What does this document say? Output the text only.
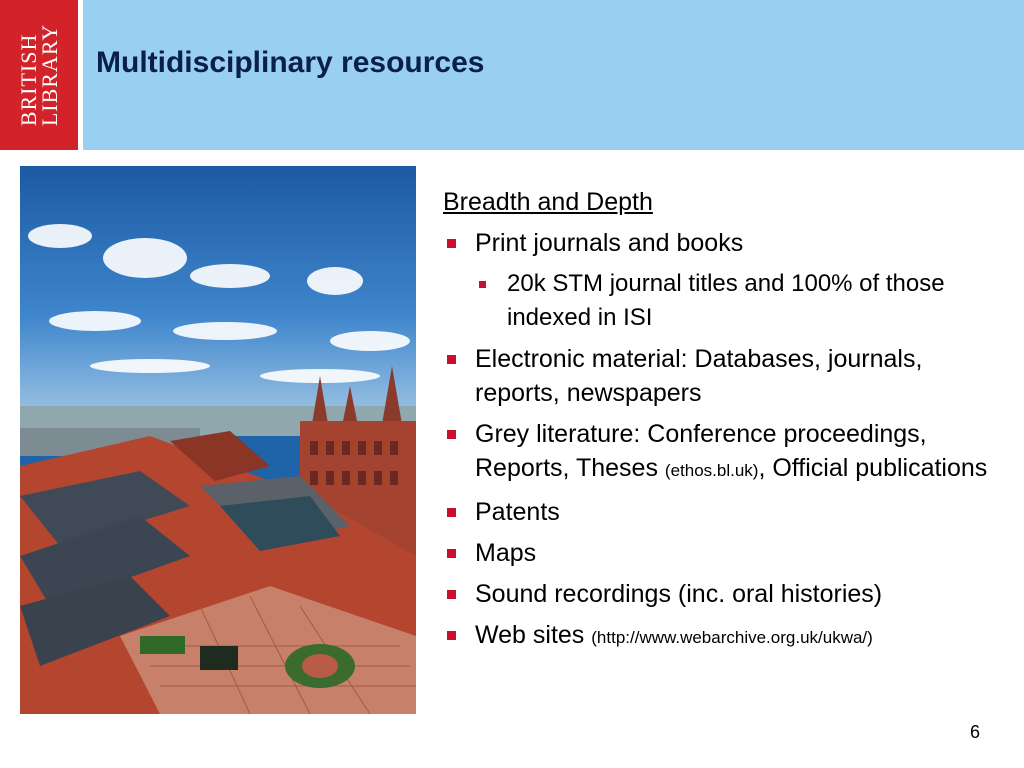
BRITISH
LIBRARY Multidisciplinary resources
Breadth and Depth
Print journals and books
20k STM journal titles and 100% of those indexed in ISI
Electronic material: Databases, journals, reports, newspapers
Grey literature: Conference proceedings, Reports, Theses (ethos.bl.uk), Official publications
Patents
Maps
Sound recordings (inc. oral histories)
Web sites (http://www.webarchive.org.uk/ukwa/)
6
